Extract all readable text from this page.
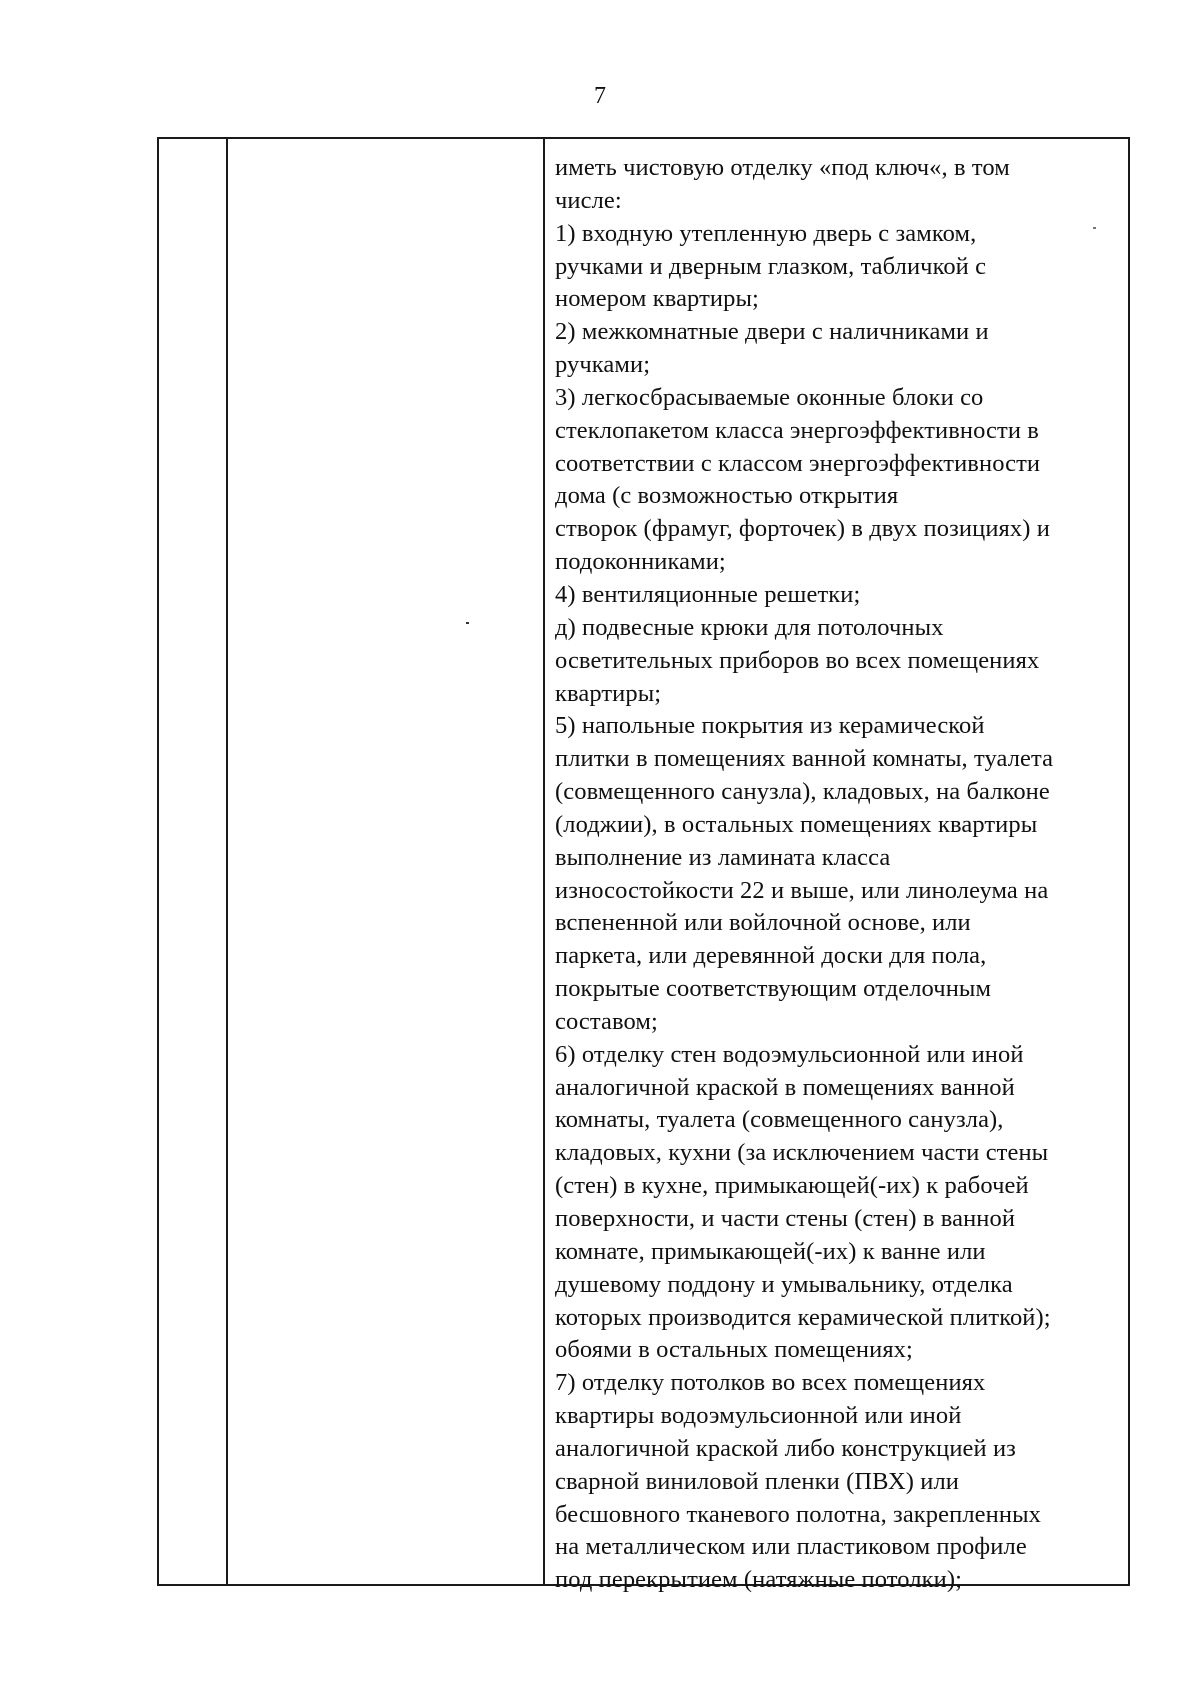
7
иметь чистовую отделку «под ключ«, в том
числе:
1) входную утепленную дверь с замком,
ручками и дверным глазком, табличкой с
номером квартиры;
2) межкомнатные двери с наличниками и
ручками;
3) легкосбрасываемые оконные блоки со
стеклопакетом класса энергоэффективности в
соответствии с классом энергоэффективности
дома (с возможностью открытия
створок (фрамуг, форточек) в двух позициях) и
подоконниками;
4) вентиляционные решетки;
д) подвесные крюки для потолочных
осветительных приборов во всех помещениях
квартиры;
5) напольные покрытия из керамической
плитки в помещениях ванной комнаты, туалета
(совмещенного санузла), кладовых, на балконе
(лоджии), в остальных помещениях квартиры
выполнение из ламината класса
износостойкости 22 и выше, или линолеума на
вспененной или войлочной основе, или
паркета, или деревянной доски для пола,
покрытые соответствующим отделочным
составом;
6) отделку стен водоэмульсионной или иной
аналогичной краской в помещениях ванной
комнаты, туалета (совмещенного санузла),
кладовых, кухни (за исключением части стены
(стен) в кухне, примыкающей(-их) к рабочей
поверхности, и части стены (стен) в ванной
комнате, примыкающей(-их) к ванне или
душевому поддону и умывальнику, отделка
которых производится керамической плиткой);
обоями в остальных помещениях;
7) отделку потолков во всех помещениях
квартиры водоэмульсионной или иной
аналогичной краской либо конструкцией из
сварной виниловой пленки (ПВХ) или
бесшовного тканевого полотна, закрепленных
на металлическом или пластиковом профиле
под перекрытием (натяжные потолки);
